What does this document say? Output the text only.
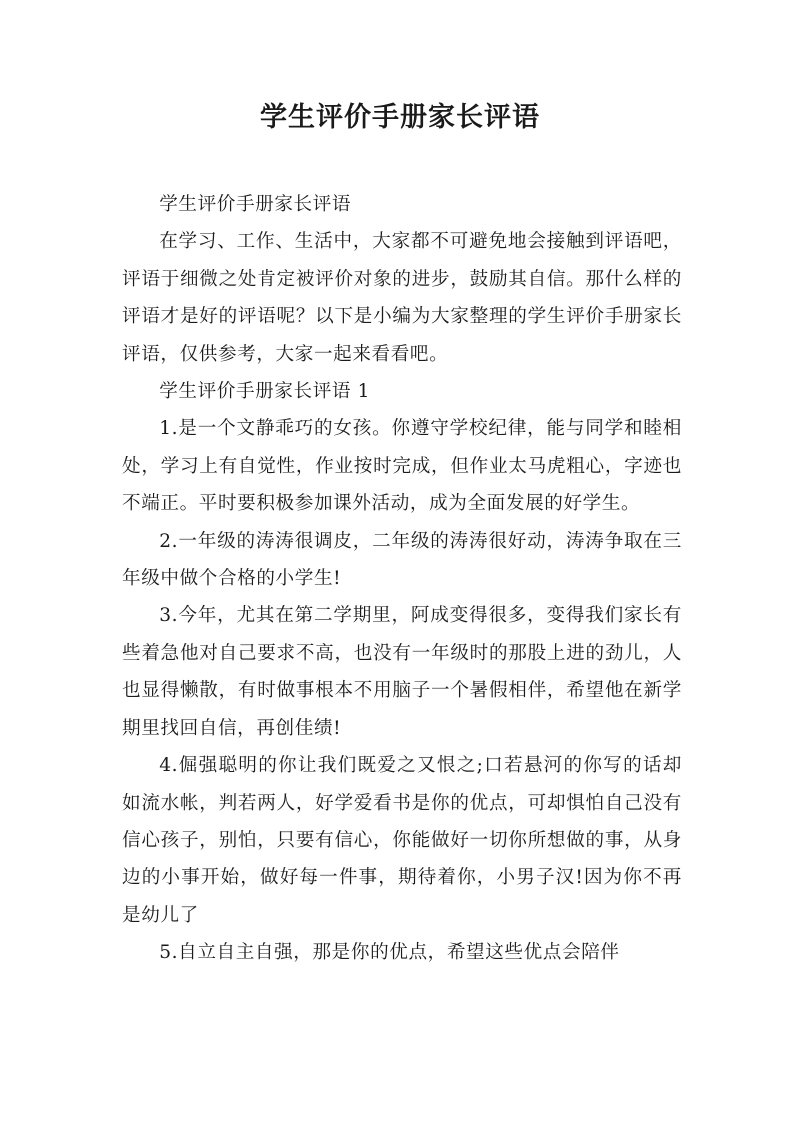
学生评价手册家长评语

学生评价手册家长评语

在学习、工作、生活中，大家都不可避免地会接触到评语吧，评语于细微之处肯定被评价对象的进步，鼓励其自信。那什么样的评语才是好的评语呢？以下是小编为大家整理的学生评价手册家长评语，仅供参考，大家一起来看看吧。

学生评价手册家长评语 1

1.是一个文静乖巧的女孩。你遵守学校纪律，能与同学和睦相处，学习上有自觉性，作业按时完成，但作业太马虎粗心，字迹也不端正。平时要积极参加课外活动，成为全面发展的好学生。

2.一年级的涛涛很调皮，二年级的涛涛很好动，涛涛争取在三年级中做个合格的小学生!

3.今年，尤其在第二学期里，阿成变得很多，变得我们家长有些着急他对自己要求不高，也没有一年级时的那股上进的劲儿，人也显得懒散，有时做事根本不用脑子一个暑假相伴，希望他在新学期里找回自信，再创佳绩!

4.倔强聪明的你让我们既爱之又恨之;口若悬河的你写的话却如流水帐，判若两人，好学爱看书是你的优点，可却惧怕自己没有信心孩子，别怕，只要有信心，你能做好一切你所想做的事，从身边的小事开始，做好每一件事，期待着你，小男子汉!因为你不再是幼儿了

5.自立自主自强，那是你的优点，希望这些优点会陪伴
